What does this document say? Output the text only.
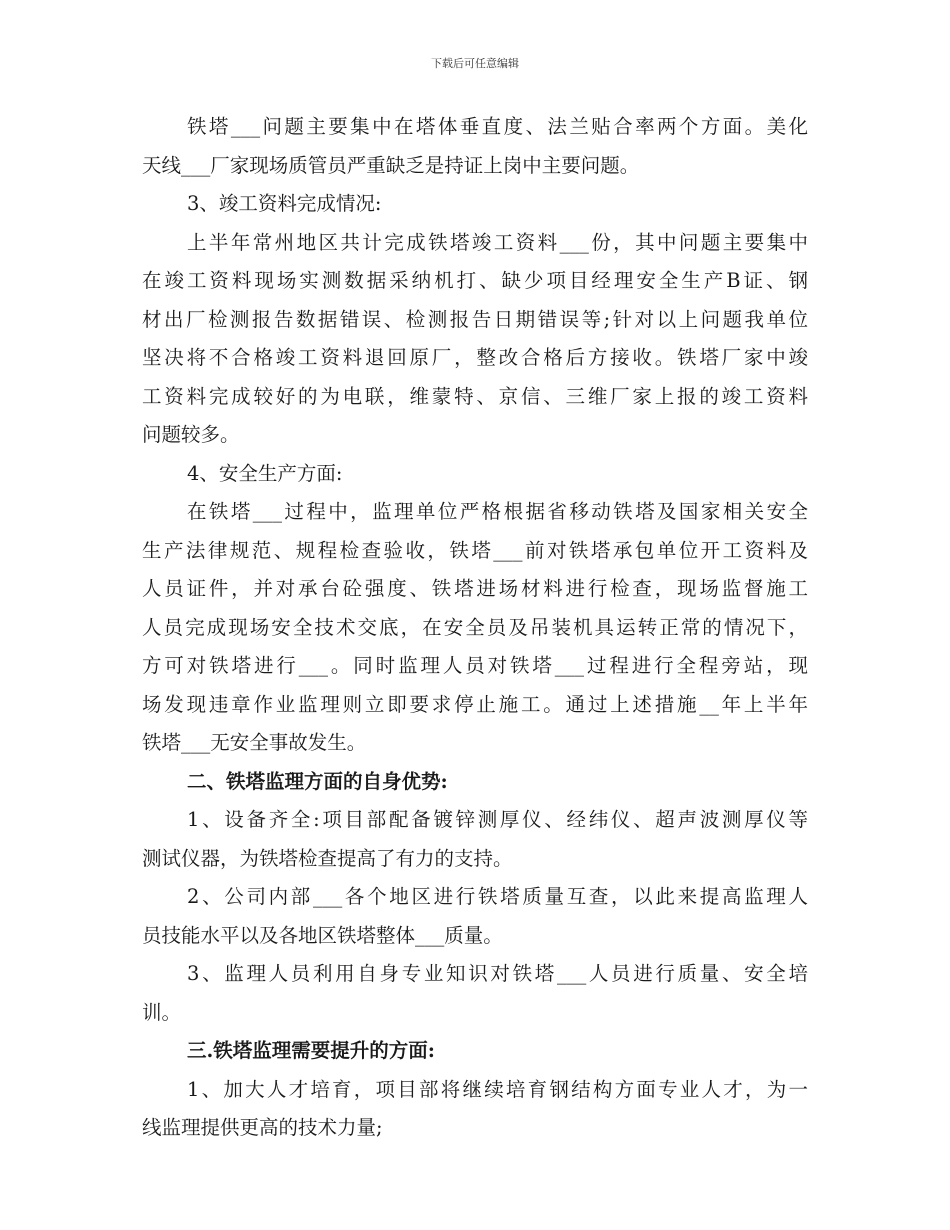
下载后可任意编辑
铁塔___问题主要集中在塔体垂直度、法兰贴合率两个方面。美化
天线___厂家现场质管员严重缺乏是持证上岗中主要问题。
3、竣工资料完成情况:
上半年常州地区共计完成铁塔竣工资料___份，其中问题主要集中
在竣工资料现场实测数据采纳机打、缺少项目经理安全生产B证、钢
材出厂检测报告数据错误、检测报告日期错误等;针对以上问题我单位
坚决将不合格竣工资料退回原厂，整改合格后方接收。铁塔厂家中竣
工资料完成较好的为电联，维蒙特、京信、三维厂家上报的竣工资料
问题较多。
4、安全生产方面:
在铁塔___过程中，监理单位严格根据省移动铁塔及国家相关安全
生产法律规范、规程检查验收，铁塔___前对铁塔承包单位开工资料及
人员证件，并对承台砼强度、铁塔进场材料进行检查，现场监督施工
人员完成现场安全技术交底，在安全员及吊装机具运转正常的情况下，
方可对铁塔进行___。同时监理人员对铁塔___过程进行全程旁站，现
场发现违章作业监理则立即要求停止施工。通过上述措施__年上半年
铁塔___无安全事故发生。
二、铁塔监理方面的自身优势:
1、设备齐全:项目部配备镀锌测厚仪、经纬仪、超声波测厚仪等
测试仪器，为铁塔检查提高了有力的支持。
2、公司内部___各个地区进行铁塔质量互查，以此来提高监理人
员技能水平以及各地区铁塔整体___质量。
3、监理人员利用自身专业知识对铁塔___人员进行质量、安全培
训。
三.铁塔监理需要提升的方面:
1、加大人才培育，项目部将继续培育钢结构方面专业人才，为一
线监理提供更高的技术力量;
